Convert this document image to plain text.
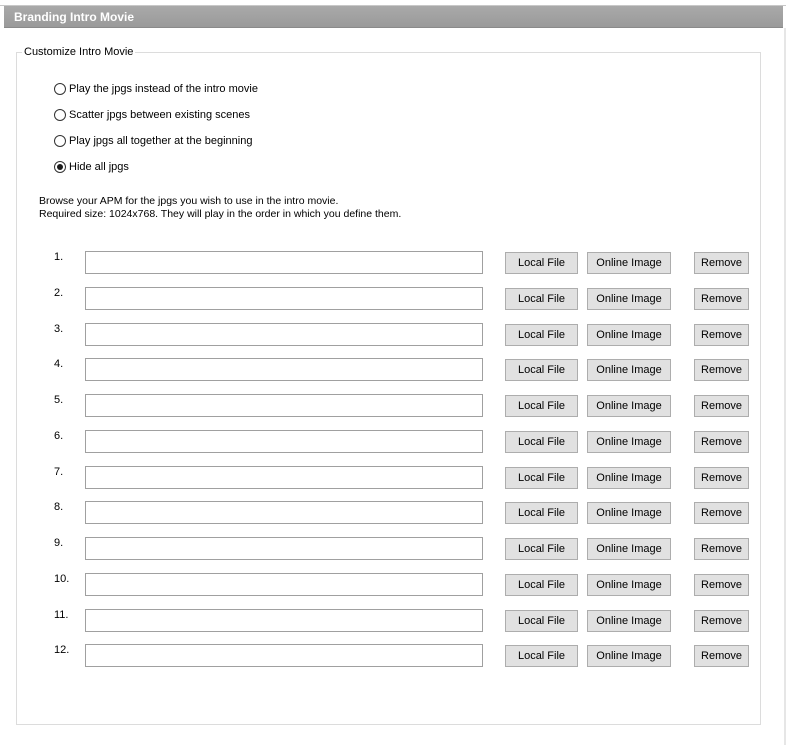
Branding Intro Movie
Customize Intro Movie
Play the jpgs instead of the intro movie
Scatter jpgs between existing scenes
Play jpgs all together at the beginning
Hide all jpgs
Browse your APM for the jpgs you wish to use in the intro movie.
Required size: 1024x768. They will play in the order in which you define them.
1.	Local File	Online Image	Remove
2.	Local File	Online Image	Remove
3.	Local File	Online Image	Remove
4.	Local File	Online Image	Remove
5.	Local File	Online Image	Remove
6.	Local File	Online Image	Remove
7.	Local File	Online Image	Remove
8.	Local File	Online Image	Remove
9.	Local File	Online Image	Remove
10.	Local File	Online Image	Remove
11.	Local File	Online Image	Remove
12.	Local File	Online Image	Remove
